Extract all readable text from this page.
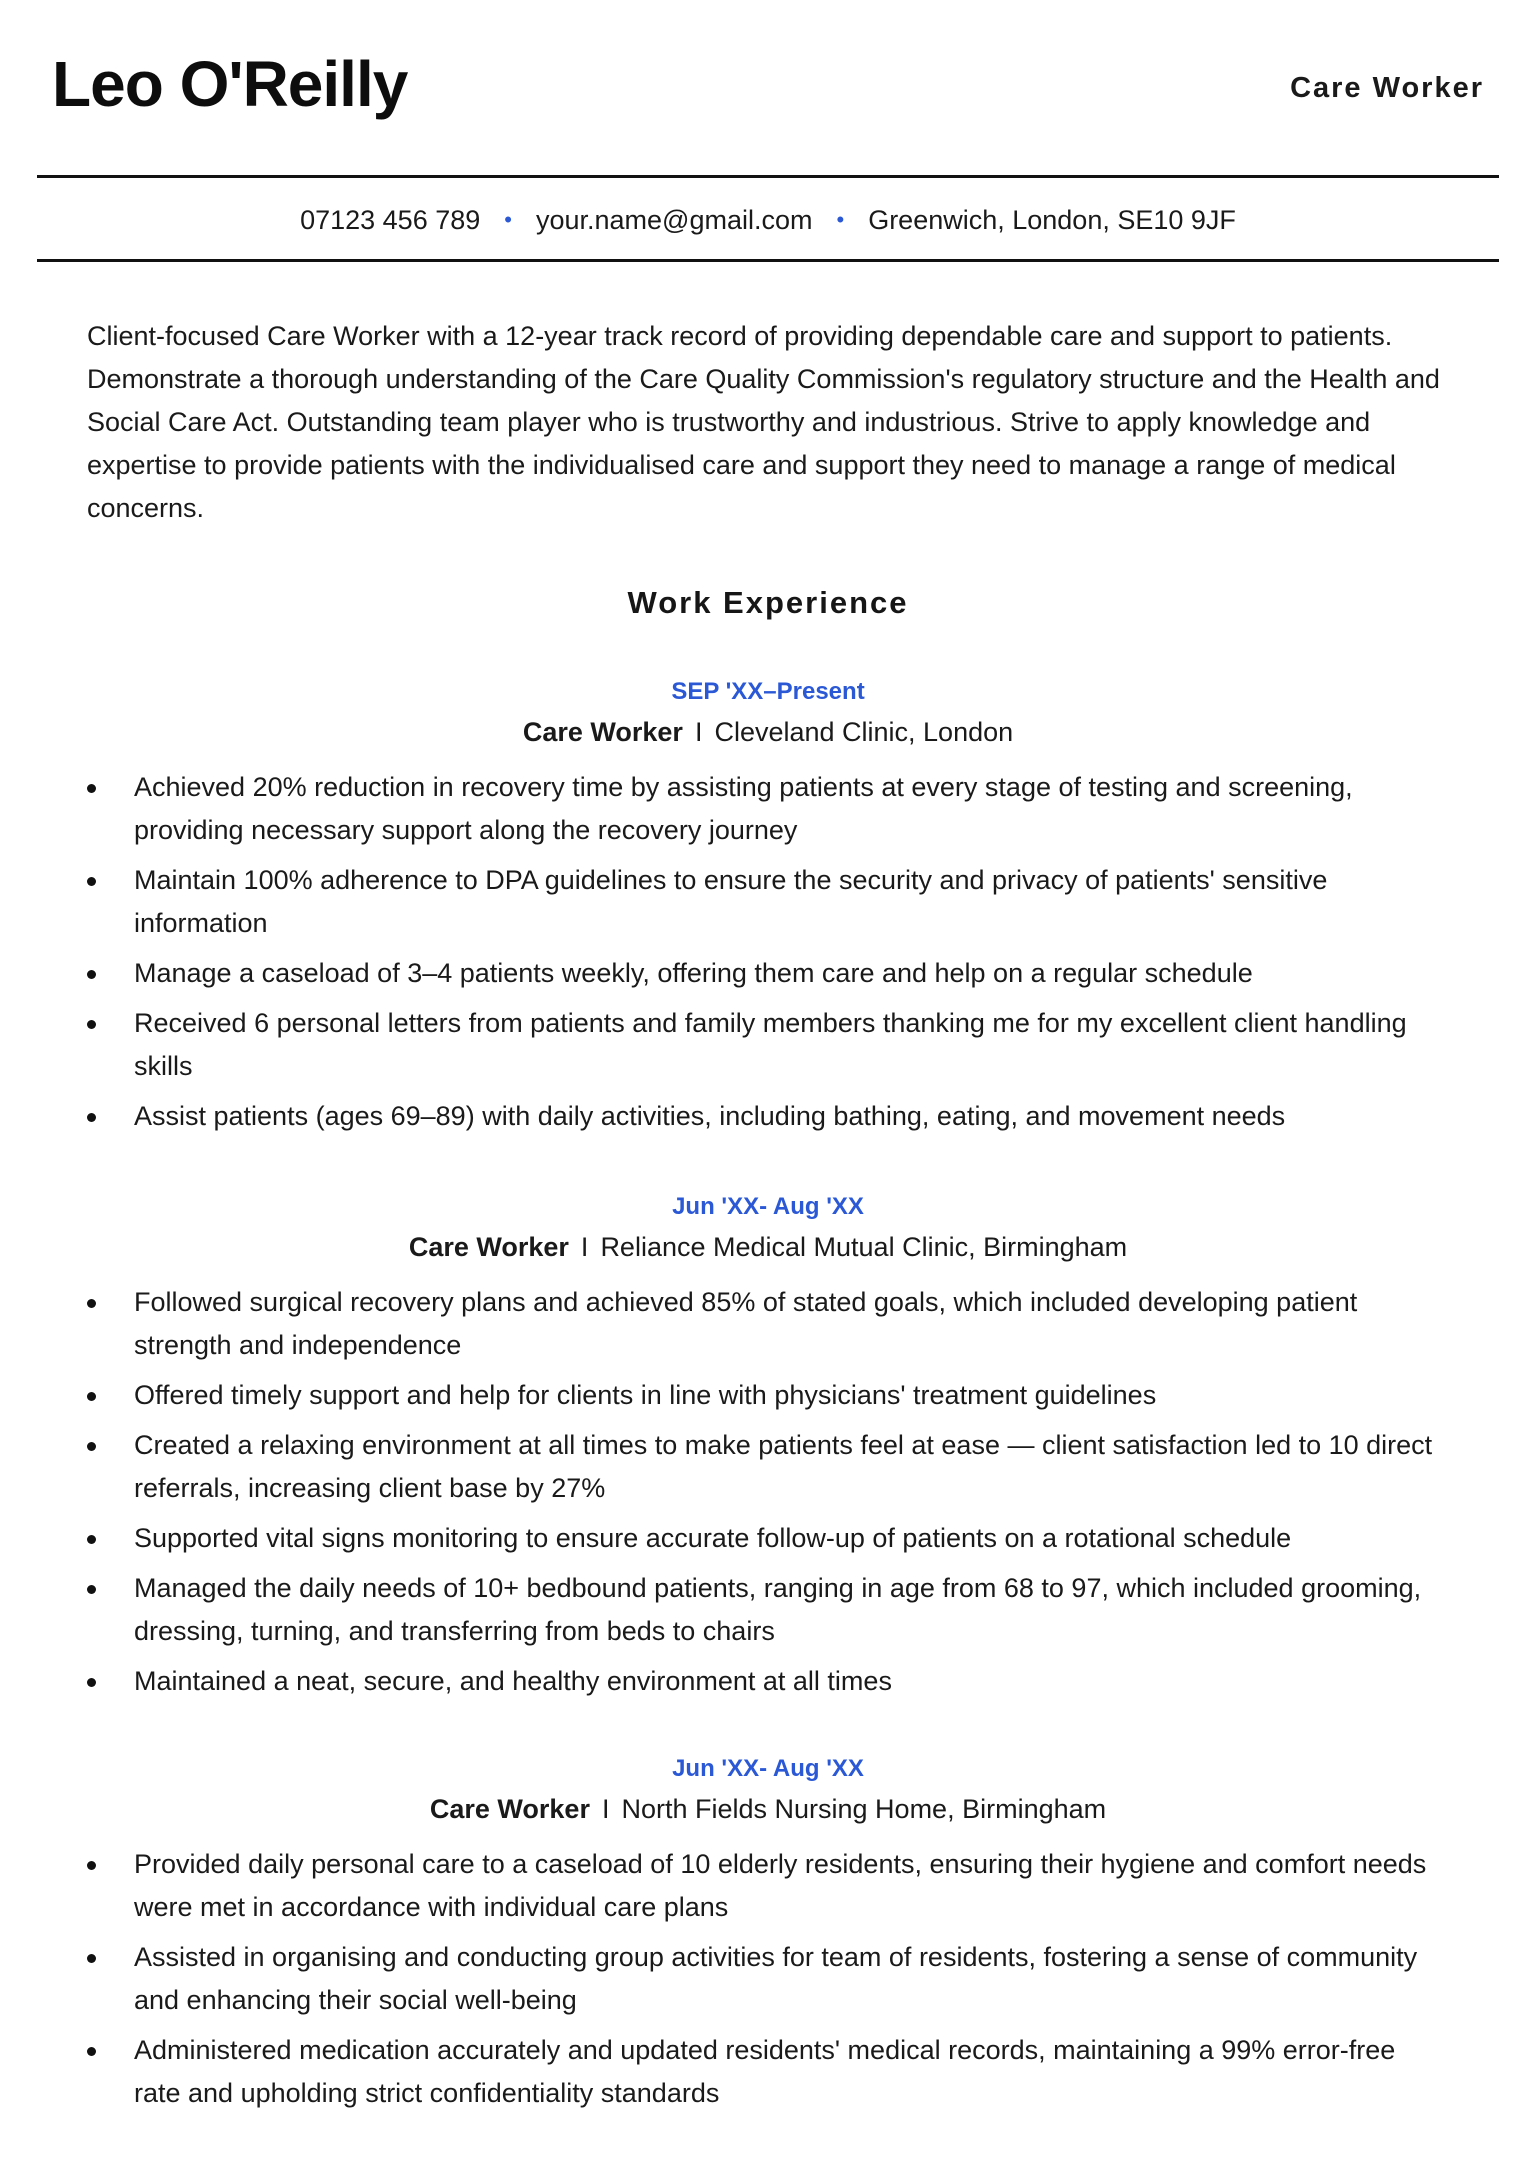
Leo O'Reilly	Care Worker
07123 456 789 • your.name@gmail.com • Greenwich, London, SE10 9JF
Client-focused Care Worker with a 12-year track record of providing dependable care and support to patients. Demonstrate a thorough understanding of the Care Quality Commission's regulatory structure and the Health and Social Care Act. Outstanding team player who is trustworthy and industrious. Strive to apply knowledge and expertise to provide patients with the individualised care and support they need to manage a range of medical concerns.
Work Experience
SEP 'XX–Present
Care Worker I Cleveland Clinic, London
Achieved 20% reduction in recovery time by assisting patients at every stage of testing and screening, providing necessary support along the recovery journey
Maintain 100% adherence to DPA guidelines to ensure the security and privacy of patients' sensitive information
Manage a caseload of 3–4 patients weekly, offering them care and help on a regular schedule
Received 6 personal letters from patients and family members thanking me for my excellent client handling skills
Assist patients (ages 69–89) with daily activities, including bathing, eating, and movement needs
Jun 'XX- Aug 'XX
Care Worker I Reliance Medical Mutual Clinic, Birmingham
Followed surgical recovery plans and achieved 85% of stated goals, which included developing patient strength and independence
Offered timely support and help for clients in line with physicians' treatment guidelines
Created a relaxing environment at all times to make patients feel at ease — client satisfaction led to 10 direct referrals, increasing client base by 27%
Supported vital signs monitoring to ensure accurate follow-up of patients on a rotational schedule
Managed the daily needs of 10+ bedbound patients, ranging in age from 68 to 97, which included grooming, dressing, turning, and transferring from beds to chairs
Maintained a neat, secure, and healthy environment at all times
Jun 'XX- Aug 'XX
Care Worker I North Fields Nursing Home, Birmingham
Provided daily personal care to a caseload of 10 elderly residents, ensuring their hygiene and comfort needs were met in accordance with individual care plans
Assisted in organising and conducting group activities for team of residents, fostering a sense of community and enhancing their social well-being
Administered medication accurately and updated residents' medical records, maintaining a 99% error-free rate and upholding strict confidentiality standards
